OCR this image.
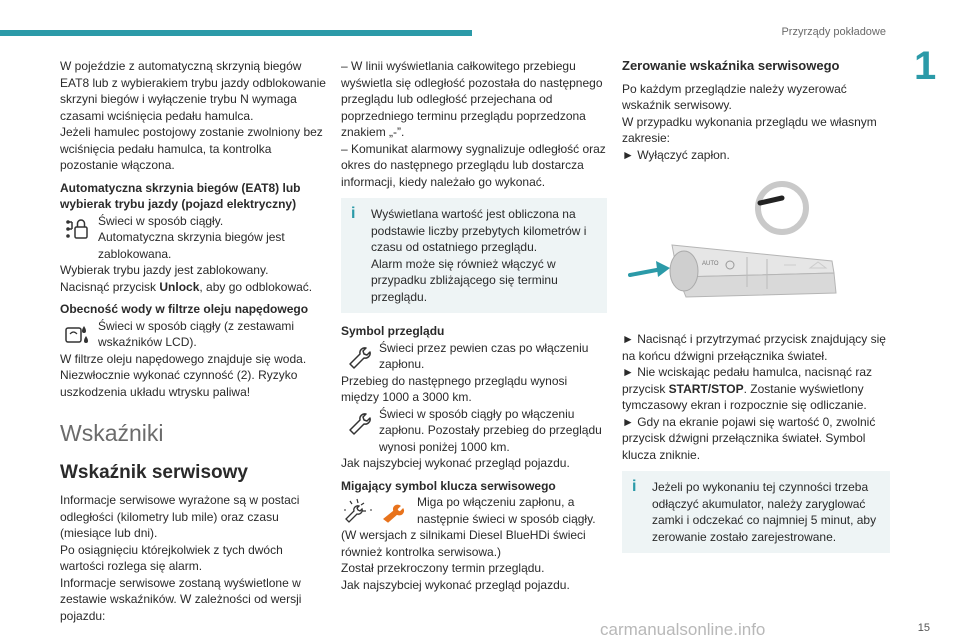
Przyrządy pokładowe
1

W pojeździe z automatyczną skrzynią biegów EAT8 lub z wybierakiem trybu jazdy odblokowanie skrzyni biegów i wyłączenie trybu N wymaga czasami wciśnięcia pedału hamulca.

Jeżeli hamulec postojowy zostanie zwolniony bez wciśnięcia pedału hamulca, ta kontrolka pozostanie włączona.

Automatyczna skrzynia biegów (EAT8) lub wybierak trybu jazdy (pojazd elektryczny)

Świeci w sposób ciągły.

Automatyczna skrzynia biegów jest zablokowana.

Wybierak trybu jazdy jest zablokowany.

Nacisnąć przycisk Unlock, aby go odblokować.

Obecność wody w filtrze oleju napędowego

Świeci w sposób ciągły (z zestawami wskaźników LCD).

W filtrze oleju napędowego znajduje się woda.

Niezwłocznie wykonać czynność (2). Ryzyko uszkodzenia układu wtrysku paliwa!

Wskaźniki
Wskaźnik serwisowy

Informacje serwisowe wyrażone są w postaci odległości (kilometry lub mile) oraz czasu (miesiące lub dni).

Po osiągnięciu którejkolwiek z tych dwóch wartości rozlega się alarm.

Informacje serwisowe zostaną wyświetlone w zestawie wskaźników. W zależności od wersji pojazdu:

– W linii wyświetlania całkowitego przebiegu wyświetla się odległość pozostała do następnego przeglądu lub odległość przejechana od poprzedniego terminu przeglądu poprzedzona znakiem „-”.

– Komunikat alarmowy sygnalizuje odległość oraz okres do następnego przeglądu lub dostarcza informacji, kiedy należało go wykonać.

i	Wyświetlana wartość jest obliczona na podstawie liczby przebytych kilometrów i czasu od ostatniego przeglądu.
Alarm może się również włączyć w przypadku zbliżającego się terminu przeglądu.

Symbol przeglądu

Świeci przez pewien czas po włączeniu zapłonu.

Przebieg do następnego przeglądu wynosi między 1000 a 3000 km.

Świeci w sposób ciągły po włączeniu zapłonu. Pozostały przebieg do przeglądu wynosi poniżej 1000 km.

Jak najszybciej wykonać przegląd pojazdu.

Migający symbol klucza serwisowego

Miga po włączeniu zapłonu, a następnie świeci w sposób ciągły.

(W wersjach z silnikami Diesel BlueHDi świeci również kontrolka serwisowa.)

Został przekroczony termin przeglądu.

Jak najszybciej wykonać przegląd pojazdu.

Zerowanie wskaźnika serwisowego

Po każdym przeglądzie należy wyzerować wskaźnik serwisowy.

W przypadku wykonania przeglądu we własnym zakresie:

► Wyłączyć zapłon.

AUTO

► Nacisnąć i przytrzymać przycisk znajdujący się na końcu dźwigni przełącznika świateł.

► Nie wciskając pedału hamulca, nacisnąć raz przycisk START/STOP. Zostanie wyświetlony tymczasowy ekran i rozpocznie się odliczanie.

► Gdy na ekranie pojawi się wartość 0, zwolnić przycisk dźwigni przełącznika świateł. Symbol klucza zniknie.

i	Jeżeli po wykonaniu tej czynności trzeba odłączyć akumulator, należy zaryglować zamki i odczekać co najmniej 5 minut, aby zerowanie zostało zarejestrowane.
carmanualsonline.info	15
